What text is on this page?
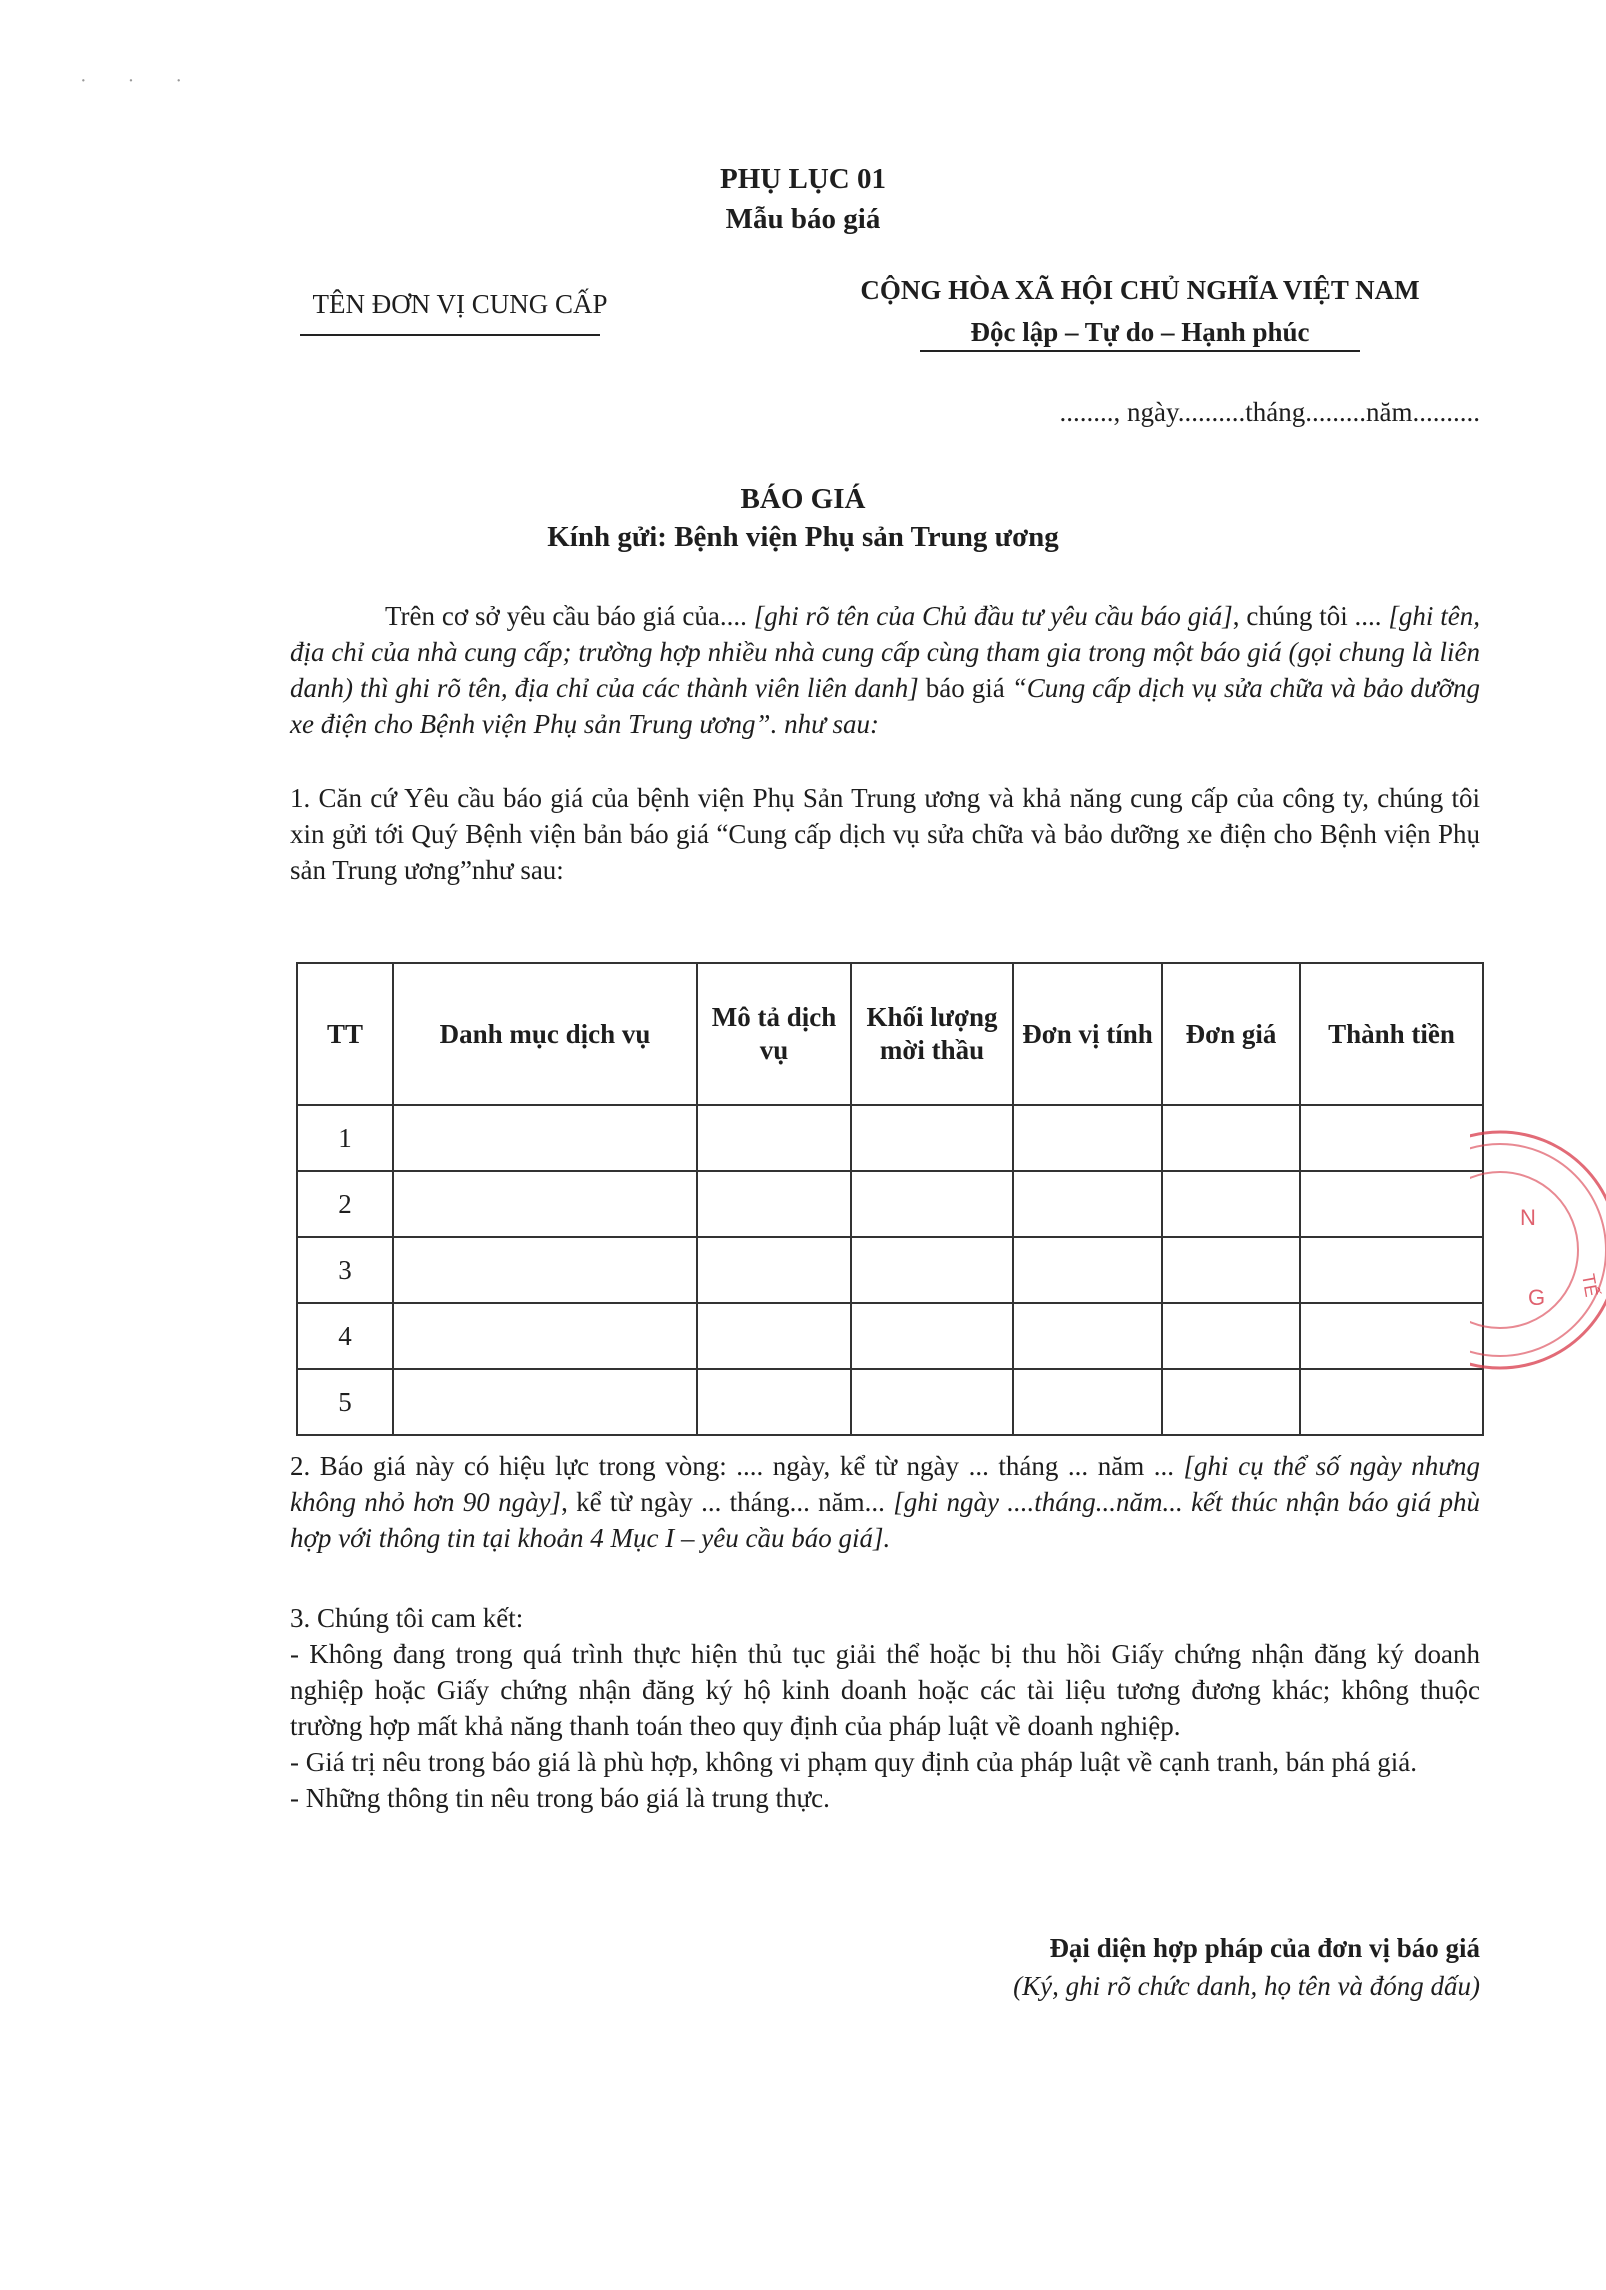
· · ·
PHỤ LỤC 01
Mẫu báo giá
TÊN ĐƠN VỊ CUNG CẤP	CỘNG HÒA XÃ HỘI CHỦ NGHĨA VIỆT NAM
Độc lập – Tự do – Hạnh phúc
........, ngày..........tháng.........năm..........
BÁO GIÁ
Kính gửi: Bệnh viện Phụ sản Trung ương
Trên cơ sở yêu cầu báo giá của.... [ghi rõ tên của Chủ đầu tư yêu cầu báo giá], chúng tôi .... [ghi tên, địa chỉ của nhà cung cấp; trường hợp nhiều nhà cung cấp cùng tham gia trong một báo giá (gọi chung là liên danh) thì ghi rõ tên, địa chỉ của các thành viên liên danh] báo giá “Cung cấp dịch vụ sửa chữa và bảo dưỡng xe điện cho Bệnh viện Phụ sản Trung ương”. như sau:
1. Căn cứ Yêu cầu báo giá của bệnh viện Phụ Sản Trung ương và khả năng cung cấp của công ty, chúng tôi xin gửi tới Quý Bệnh viện bản báo giá “Cung cấp dịch vụ sửa chữa và bảo dưỡng xe điện cho Bệnh viện Phụ sản Trung ương”như sau:
TT	Danh mục dịch vụ	Mô tả dịch vụ	Khối lượng mời thầu	Đơn vị tính	Đơn giá	Thành tiền
1						
2						
3						
4						
5						
2. Báo giá này có hiệu lực trong vòng: .... ngày, kể từ ngày ... tháng ... năm ... [ghi cụ thể số ngày nhưng không nhỏ hơn 90 ngày], kể từ ngày ... tháng... năm... [ghi ngày ....tháng...năm... kết thúc nhận báo giá phù hợp với thông tin tại khoản 4 Mục I – yêu cầu báo giá].
3. Chúng tôi cam kết:
- Không đang trong quá trình thực hiện thủ tục giải thể hoặc bị thu hồi Giấy chứng nhận đăng ký doanh nghiệp hoặc Giấy chứng nhận đăng ký hộ kinh doanh hoặc các tài liệu tương đương khác; không thuộc trường hợp mất khả năng thanh toán theo quy định của pháp luật về doanh nghiệp.
- Giá trị nêu trong báo giá là phù hợp, không vi phạm quy định của pháp luật về cạnh tranh, bán phá giá.
- Những thông tin nêu trong báo giá là trung thực.
Đại diện hợp pháp của đơn vị báo giá
(Ký, ghi rõ chức danh, họ tên và đóng dấu)
N
TẾ
G
